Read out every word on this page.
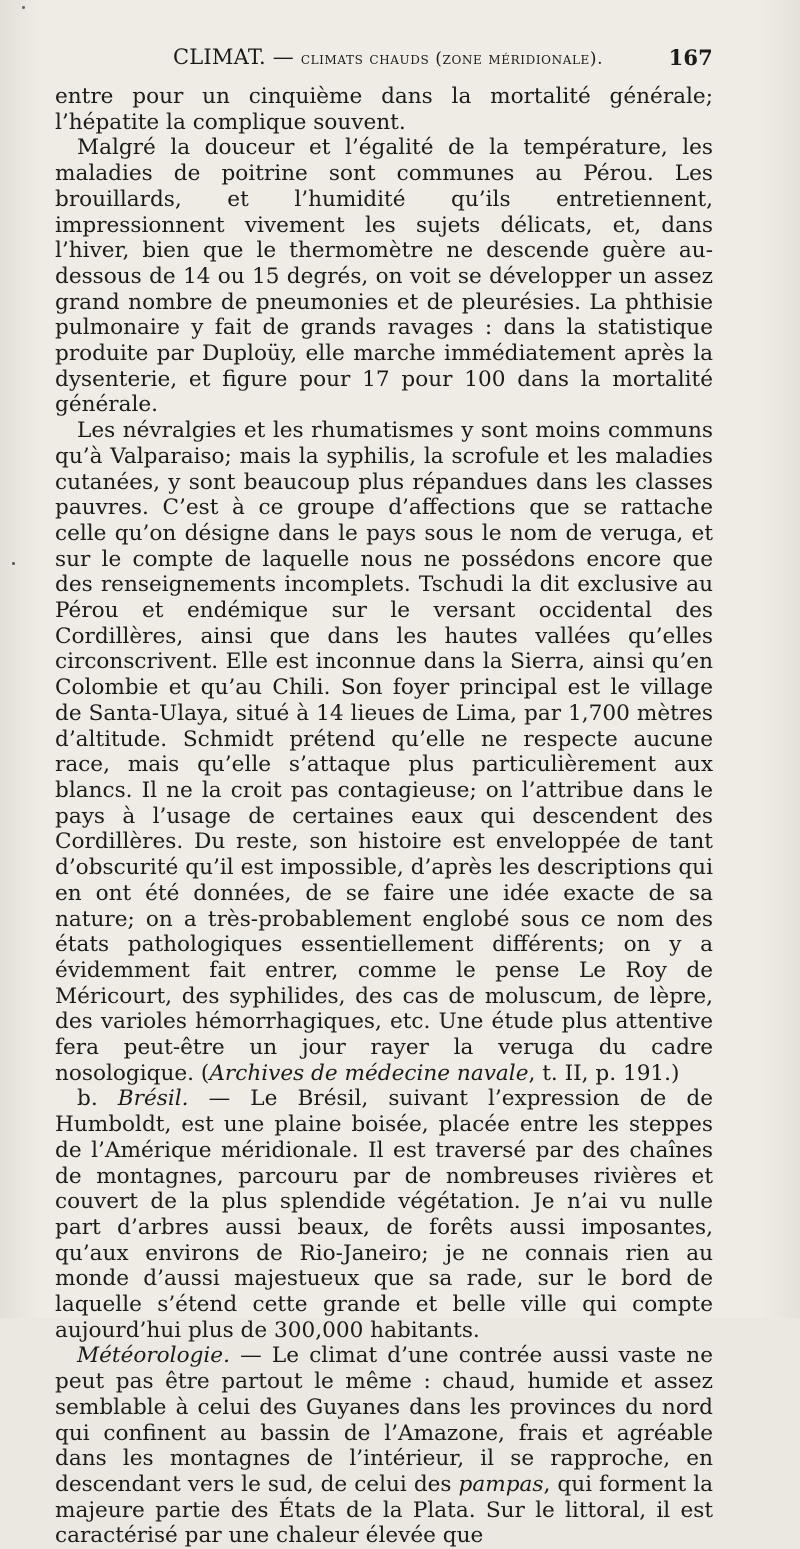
CLIMAT. — climats chauds (zone méridionale).	167

entre pour un cinquième dans la mortalité générale; l’hépatite la complique souvent.

Malgré la douceur et l’égalité de la température, les maladies de poitrine sont communes au Pérou. Les brouillards, et l’humidité qu’ils entretiennent, impressionnent vivement les sujets délicats, et, dans l’hiver, bien que le thermomètre ne descende guère au-dessous de 14 ou 15 degrés, on voit se développer un assez grand nombre de pneumonies et de pleurésies. La phthisie pulmonaire y fait de grands ravages : dans la statistique produite par Duploüy, elle marche immédiatement après la dysenterie, et figure pour 17 pour 100 dans la mortalité générale.

Les névralgies et les rhumatismes y sont moins communs qu’à Valparaiso; mais la syphilis, la scrofule et les maladies cutanées, y sont beaucoup plus répandues dans les classes pauvres. C’est à ce groupe d’affections que se rattache celle qu’on désigne dans le pays sous le nom de veruga, et sur le compte de laquelle nous ne possédons encore que des renseignements incomplets. Tschudi la dit exclusive au Pérou et endémique sur le versant occidental des Cordillères, ainsi que dans les hautes vallées qu’elles circonscrivent. Elle est inconnue dans la Sierra, ainsi qu’en Colombie et qu’au Chili. Son foyer principal est le village de Santa-Ulaya, situé à 14 lieues de Lima, par 1,700 mètres d’altitude. Schmidt prétend qu’elle ne respecte aucune race, mais qu’elle s’attaque plus particulièrement aux blancs. Il ne la croit pas contagieuse; on l’attribue dans le pays à l’usage de certaines eaux qui descendent des Cordillères. Du reste, son histoire est enveloppée de tant d’obscurité qu’il est impossible, d’après les descriptions qui en ont été données, de se faire une idée exacte de sa nature; on a très-probablement englobé sous ce nom des états pathologiques essentiellement différents; on y a évidemment fait entrer, comme le pense Le Roy de Méricourt, des syphilides, des cas de moluscum, de lèpre, des varioles hémorrhagiques, etc. Une étude plus attentive fera peut-être un jour rayer la veruga du cadre nosologique. (Archives de médecine navale, t. II, p. 191.)

b. Brésil. — Le Brésil, suivant l’expression de de Humboldt, est une plaine boisée, placée entre les steppes de l’Amérique méridionale. Il est traversé par des chaînes de montagnes, parcouru par de nombreuses rivières et couvert de la plus splendide végétation. Je n’ai vu nulle part d’arbres aussi beaux, de forêts aussi imposantes, qu’aux environs de Rio-Janeiro; je ne connais rien au monde d’aussi majestueux que sa rade, sur le bord de laquelle s’étend cette grande et belle ville qui compte aujourd’hui plus de 300,000 habitants.

Météorologie. — Le climat d’une contrée aussi vaste ne peut pas être partout le même : chaud, humide et assez semblable à celui des Guyanes dans les provinces du nord qui confinent au bassin de l’Amazone, frais et agréable dans les montagnes de l’intérieur, il se rapproche, en descendant vers le sud, de celui des pampas, qui forment la majeure partie des États de la Plata. Sur le littoral, il est caractérisé par une chaleur élevée que
